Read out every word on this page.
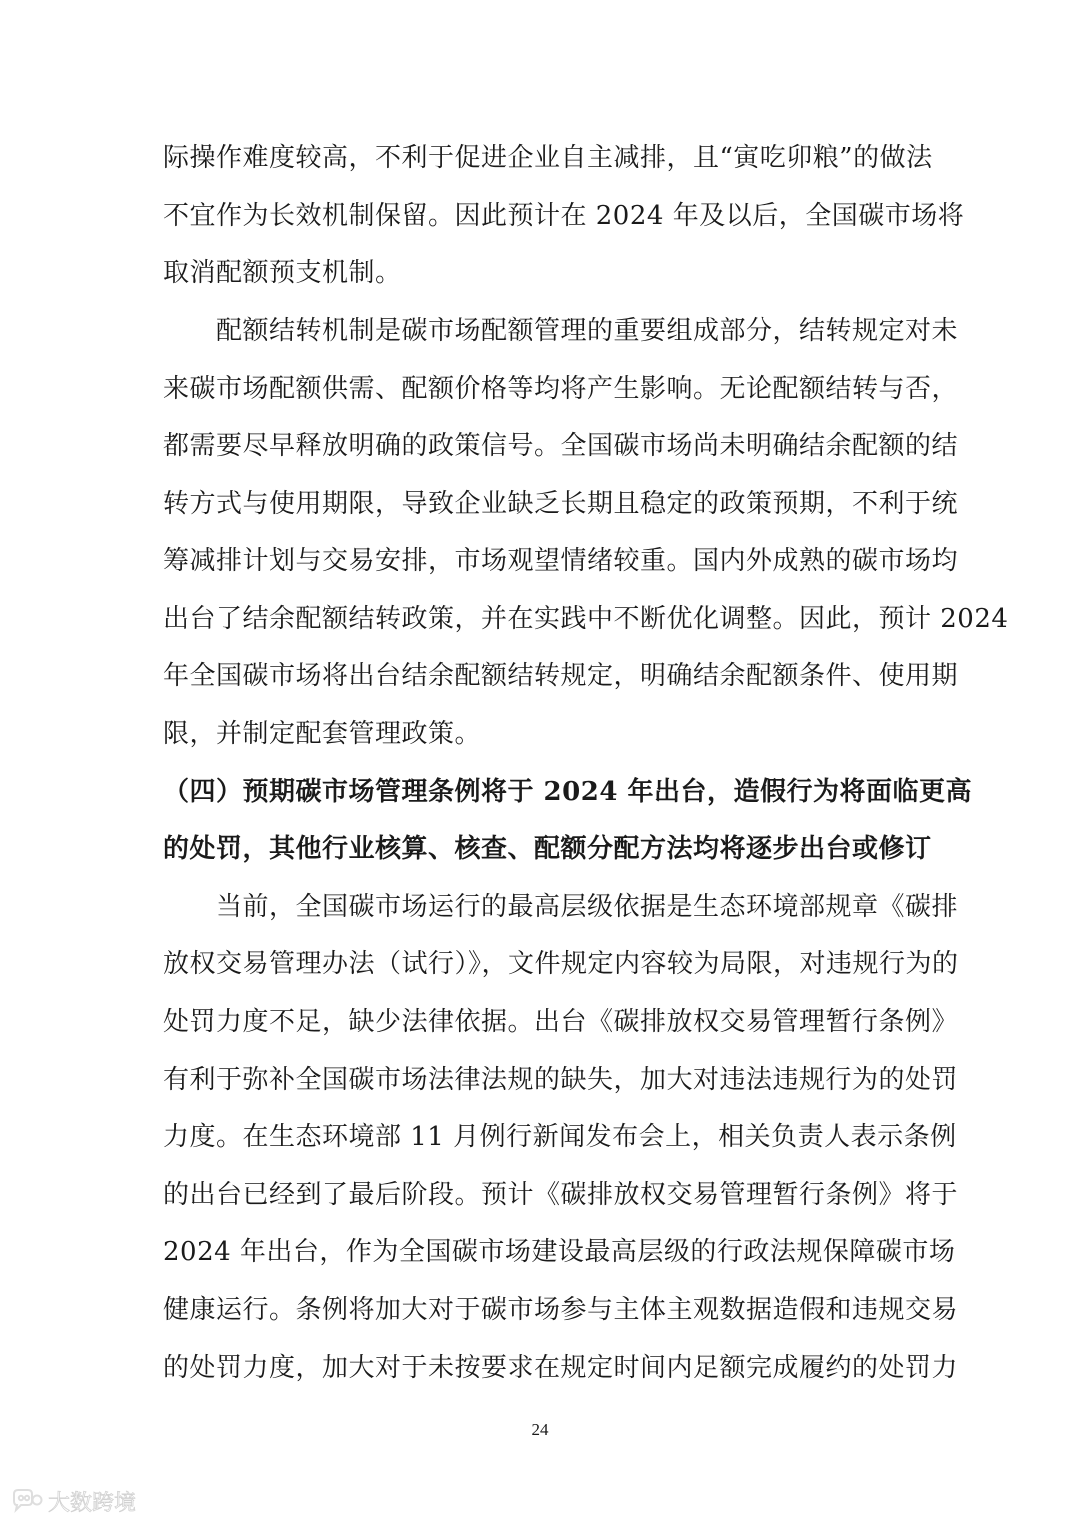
际操作难度较高，不利于促进企业自主减排，且“寅吃卯粮”的做法
不宜作为长效机制保留。因此预计在 2024 年及以后，全国碳市场将
取消配额预支机制。
配额结转机制是碳市场配额管理的重要组成部分，结转规定对未
来碳市场配额供需、配额价格等均将产生影响。无论配额结转与否，
都需要尽早释放明确的政策信号。全国碳市场尚未明确结余配额的结
转方式与使用期限，导致企业缺乏长期且稳定的政策预期，不利于统
筹减排计划与交易安排，市场观望情绪较重。国内外成熟的碳市场均
出台了结余配额结转政策，并在实践中不断优化调整。因此，预计 2024
年全国碳市场将出台结余配额结转规定，明确结余配额条件、使用期
限，并制定配套管理政策。
（四）预期碳市场管理条例将于 2024 年出台，造假行为将面临更高
的处罚，其他行业核算、核查、配额分配方法均将逐步出台或修订
当前，全国碳市场运行的最高层级依据是生态环境部规章《碳排
放权交易管理办法（试行）》，文件规定内容较为局限，对违规行为的
处罚力度不足，缺少法律依据。出台《碳排放权交易管理暂行条例》
有利于弥补全国碳市场法律法规的缺失，加大对违法违规行为的处罚
力度。在生态环境部 11 月例行新闻发布会上，相关负责人表示条例
的出台已经到了最后阶段。预计《碳排放权交易管理暂行条例》将于
2024 年出台，作为全国碳市场建设最高层级的行政法规保障碳市场
健康运行。条例将加大对于碳市场参与主体主观数据造假和违规交易
的处罚力度，加大对于未按要求在规定时间内足额完成履约的处罚力
24
大数跨境
